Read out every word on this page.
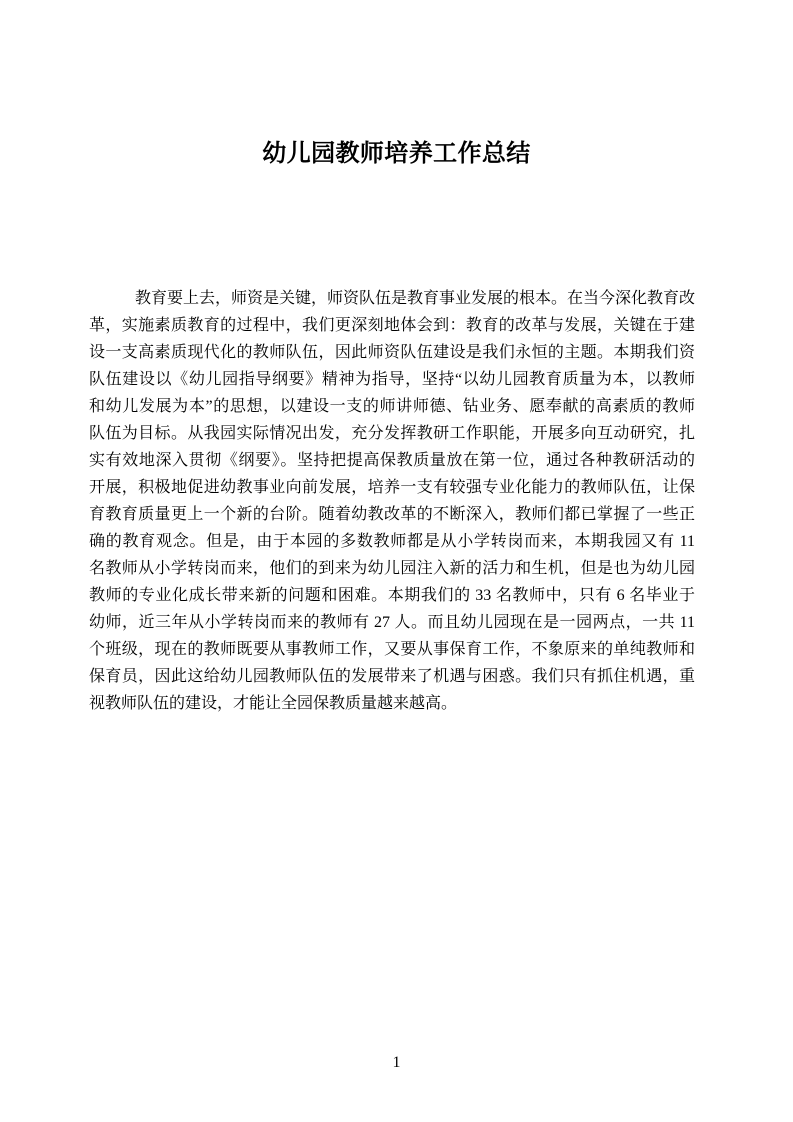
幼儿园教师培养工作总结
教育要上去，师资是关键，师资队伍是教育事业发展的根本。在当今深化教育改
革，实施素质教育的过程中，我们更深刻地体会到：教育的改革与发展，关键在于建
设一支高素质现代化的教师队伍，因此师资队伍建设是我们永恒的主题。本期我们资
队伍建设以《幼儿园指导纲要》精神为指导，坚持“以幼儿园教育质量为本，以教师
和幼儿发展为本”的思想，以建设一支的师讲师德、钻业务、愿奉献的高素质的教师
队伍为目标。从我园实际情况出发，充分发挥教研工作职能，开展多向互动研究，扎
实有效地深入贯彻《纲要》。坚持把提高保教质量放在第一位，通过各种教研活动的
开展，积极地促进幼教事业向前发展，培养一支有较强专业化能力的教师队伍，让保
育教育质量更上一个新的台阶。随着幼教改革的不断深入，教师们都已掌握了一些正
确的教育观念。但是，由于本园的多数教师都是从小学转岗而来，本期我园又有 11
名教师从小学转岗而来，他们的到来为幼儿园注入新的活力和生机，但是也为幼儿园
教师的专业化成长带来新的问题和困难。本期我们的 33 名教师中，只有 6 名毕业于
幼师，近三年从小学转岗而来的教师有 27 人。而且幼儿园现在是一园两点，一共 11
个班级，现在的教师既要从事教师工作，又要从事保育工作，不象原来的单纯教师和
保育员，因此这给幼儿园教师队伍的发展带来了机遇与困惑。我们只有抓住机遇，重
视教师队伍的建设，才能让全园保教质量越来越高。
1
